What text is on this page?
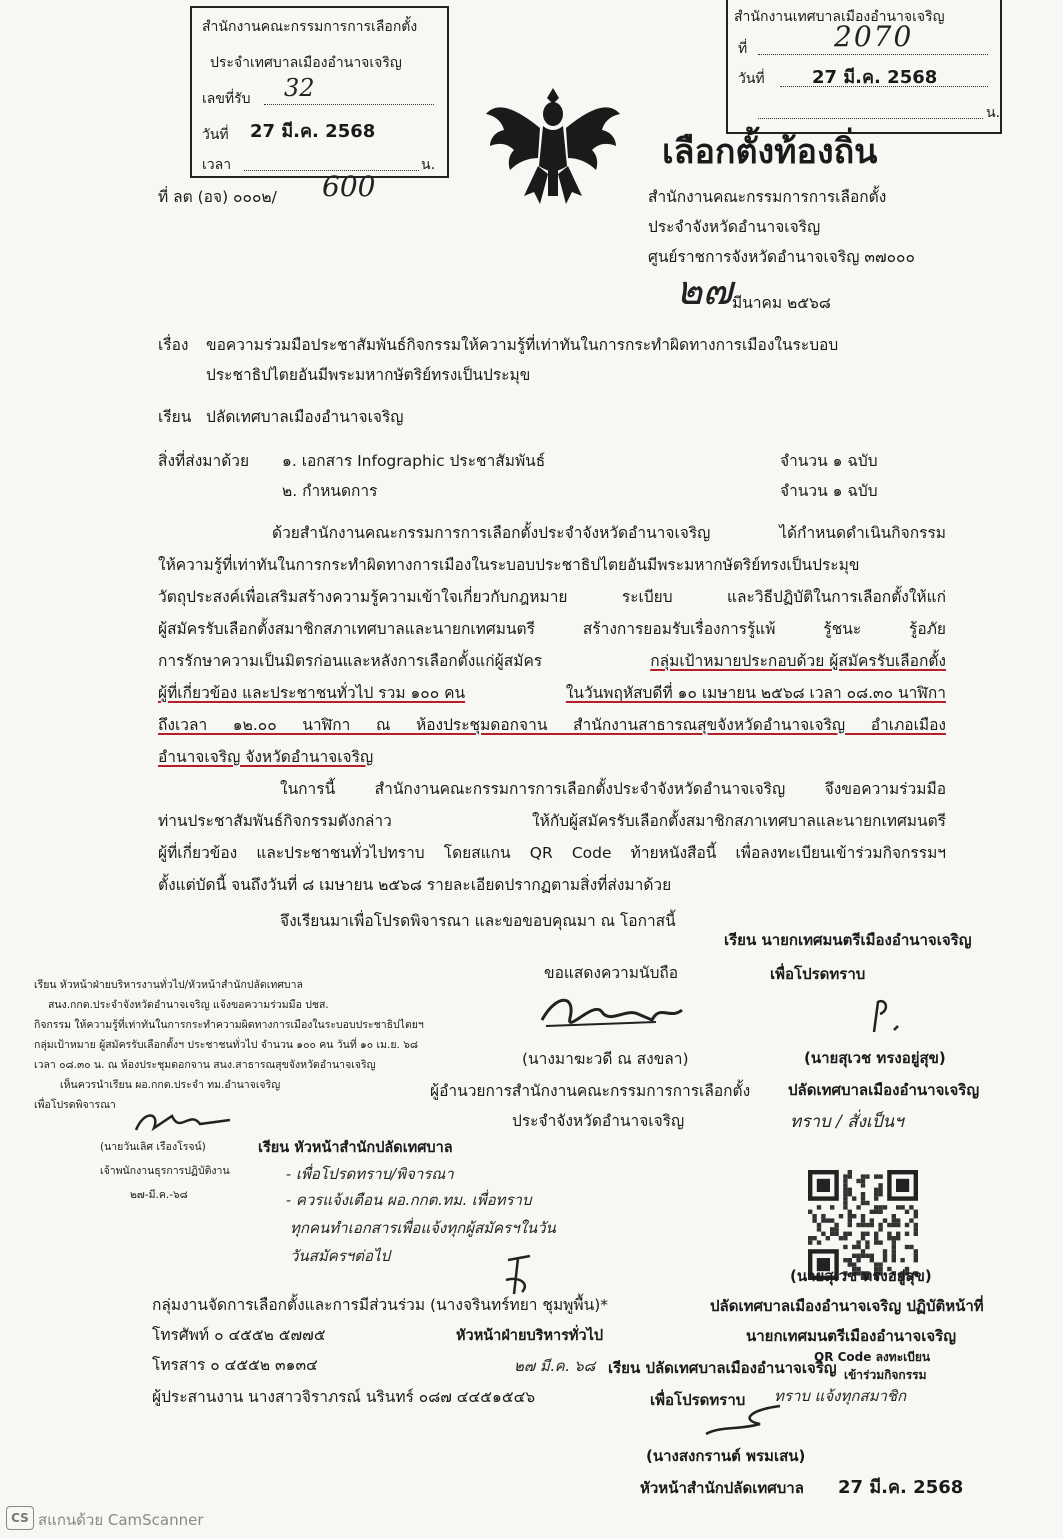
สำนักงานคณะกรรมการการเลือกตั้ง
ประจำเทศบาลเมืองอำนาจเจริญ
เลขที่รับ 32
วันที่ 27 มี.ค. 2568
เวลา	น.
สำนักงานเทศบาลเมืองอำนาจเจริญ
ที่	2070
วันที่	27 มี.ค. 2568
น.
ที่ ลต (อจ) ๐๐๐๒/ 600
เลือกตั้งท้องถิ่น
สำนักงานคณะกรรมการการเลือกตั้ง
ประจำจังหวัดอำนาจเจริญ
ศูนย์ราชการจังหวัดอำนาจเจริญ ๓๗๐๐๐
๒๗ มีนาคม ๒๕๖๘
เรื่อง ขอความร่วมมือประชาสัมพันธ์กิจกรรมให้ความรู้ที่เท่าทันในการกระทำผิดทางการเมืองในระบอบ
ประชาธิปไตยอันมีพระมหากษัตริย์ทรงเป็นประมุข
เรียน ปลัดเทศบาลเมืองอำนาจเจริญ
สิ่งที่ส่งมาด้วย ๑. เอกสาร Infographic ประชาสัมพันธ์	จำนวน ๑ ฉบับ
๒. กำหนดการ	จำนวน ๑ ฉบับ
ด้วยสำนักงานคณะกรรมการการเลือกตั้งประจำจังหวัดอำนาจเจริญ ได้กำหนดดำเนินกิจกรรม
ให้ความรู้ที่เท่าทันในการกระทำผิดทางการเมืองในระบอบประชาธิปไตยอันมีพระมหากษัตริย์ทรงเป็นประมุข
วัตถุประสงค์เพื่อเสริมสร้างความรู้ความเข้าใจเกี่ยวกับกฎหมาย ระเบียบ และวิธีปฏิบัติในการเลือกตั้งให้แก่
ผู้สมัครรับเลือกตั้งสมาชิกสภาเทศบาลและนายกเทศมนตรี สร้างการยอมรับเรื่องการรู้แพ้ รู้ชนะ รู้อภัย
การรักษาความเป็นมิตรก่อนและหลังการเลือกตั้งแก่ผู้สมัคร	กลุ่มเป้าหมายประกอบด้วย ผู้สมัครรับเลือกตั้ง
ผู้ที่เกี่ยวข้อง และประชาชนทั่วไป รวม ๑๐๐ คน	ในวันพฤหัสบดีที่ ๑๐ เมษายน ๒๕๖๘ เวลา ๐๘.๓๐ นาฬิกา
ถึงเวลา ๑๒.๐๐ นาฬิกา ณ ห้องประชุมดอกจาน สำนักงานสาธารณสุขจังหวัดอำนาจเจริญ อำเภอเมือง
อำนาจเจริญ จังหวัดอำนาจเจริญ
ในการนี้ สำนักงานคณะกรรมการการเลือกตั้งประจำจังหวัดอำนาจเจริญ จึงขอความร่วมมือ
ท่านประชาสัมพันธ์กิจกรรมดังกล่าว ให้กับผู้สมัครรับเลือกตั้งสมาชิกสภาเทศบาลและนายกเทศมนตรี
ผู้ที่เกี่ยวข้อง และประชาชนทั่วไปทราบ โดยสแกน QR Code ท้ายหนังสือนี้ เพื่อลงทะเบียนเข้าร่วมกิจกรรมฯ
ตั้งแต่บัดนี้ จนถึงวันที่ ๘ เมษายน ๒๕๖๘ รายละเอียดปรากฏตามสิ่งที่ส่งมาด้วย
จึงเรียนมาเพื่อโปรดพิจารณา และขอขอบคุณมา ณ โอกาสนี้
ขอแสดงความนับถือ
(นางมาฆะวดี ณ สงขลา)
ผู้อำนวยการสำนักงานคณะกรรมการการเลือกตั้ง
ประจำจังหวัดอำนาจเจริญ
เรียน นายกเทศมนตรีเมืองอำนาจเจริญ
เพื่อโปรดทราบ
(นายสุเวช ทรงอยู่สุข)
ปลัดเทศบาลเมืองอำนาจเจริญ
ทราบ / สั่งเป็นฯ
เรียน หัวหน้าฝ่ายบริหารงานทั่วไป/หัวหน้าสำนักปลัดเทศบาล
สนง.กกต.ประจำจังหวัดอำนาจเจริญ แจ้งขอความร่วมมือ ปชส.
กิจกรรม ให้ความรู้ที่เท่าทันในการกระทำความผิดทางการเมืองในระบอบประชาธิปไตยฯ
กลุ่มเป้าหมาย ผู้สมัครรับเลือกตั้งฯ ประชาชนทั่วไป จำนวน ๑๐๐ คน วันที่ ๑๐ เม.ย. ๖๘
เวลา ๐๘.๓๐ น. ณ ห้องประชุมดอกจาน สนง.สาธารณสุขจังหวัดอำนาจเจริญ
เห็นควรนำเรียน ผอ.กกต.ประจำ ทม.อำนาจเจริญ
เพื่อโปรดพิจารณา
(นายวันเลิศ เรืองโรจน์)
เจ้าพนักงานธุรการปฏิบัติงาน
๒๗-มี.ค.-๖๘
เรียน หัวหน้าสำนักปลัดเทศบาล
- เพื่อโปรดทราบ/พิจารณา
- ควรแจ้งเตือน ผอ.กกต.ทม. เพื่อทราบ
ทุกคนทำเอกสารเพื่อแจ้งทุกผู้สมัครฯในวัน
วันสมัครฯต่อไป
หัวหน้าฝ่ายบริหารทั่วไป
๒๗ มี.ค. ๖๘
กลุ่มงานจัดการเลือกตั้งและการมีส่วนร่วม (นางจรินทร์ทยา ชุมพูพื้น)*
โทรศัพท์ ๐ ๔๕๕๒ ๕๗๗๕
โทรสาร ๐ ๔๕๕๒ ๓๑๓๔
ผู้ประสานงาน นางสาวจิราภรณ์ นรินทร์ ๐๘๗ ๔๔๕๑๕๔๖
(นายสุเวช ทรงอยู่สุข)
ปลัดเทศบาลเมืองอำนาจเจริญ ปฏิบัติหน้าที่
นายกเทศมนตรีเมืองอำนาจเจริญ
QR Code ลงทะเบียน
เข้าร่วมกิจกรรม
เรียน ปลัดเทศบาลเมืองอำนาจเจริญ
เพื่อโปรดทราบ ทราบ แจ้งทุกสมาชิก
(นางสงกรานต์ พรมเสน)
หัวหน้าสำนักปลัดเทศบาล 27 มี.ค. 2568
CS สแกนด้วย CamScanner
